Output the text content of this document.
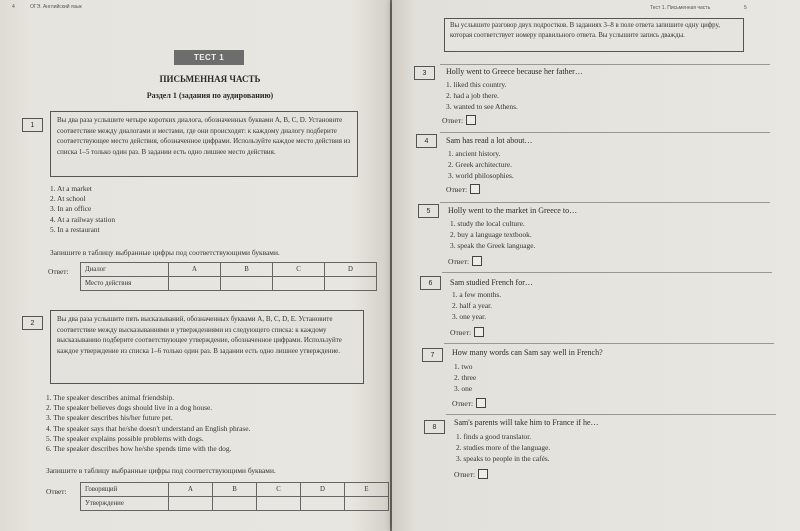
4	ОГЭ. Английский язык
ТЕСТ 1
ПИСЬМЕННАЯ ЧАСТЬ
Раздел 1 (задания по аудированию)
1
Вы два раза услышите четыре коротких диалога, обозначенных буквами A, B, C, D. Установите соответствие между диалогами и местами, где они происходят: к каждому диалогу подберите соответствующее место действия, обозначенное цифрами. Используйте каждое место действия из списка 1–5 только один раз. В задании есть одно лишнее место действия.
1. At a market
2. At school
3. In an office
4. At a railway station
5. In a restaurant
Запишите в таблицу выбранные цифры под соответствующими буквами.
Ответ: Диалог	A	B	C	D
Место действия				
2	Вы два раза услышите пять высказываний, обозначенных буквами A, B, C, D, E. Установите соответствие между высказываниями и утверждениями из следующего списка: к каждому высказыванию подберите соответствующее утверждение, обозначенное цифрами. Используйте каждое утверждение из списка 1–6 только один раз. В задании есть одно лишнее утверждение.
1. The speaker describes animal friendship.
2. The speaker believes dogs should live in a dog house.
3. The speaker describes his/her future pet.
4. The speaker says that he/she doesn't understand an English phrase.
5. The speaker explains possible problems with dogs.
6. The speaker describes how he/she spends time with the dog.
Запишите в таблицу выбранные цифры под соответствующими буквами.
Ответ:	Говорящий	A	B	C	D	E
Утверждение					
Тест 1. Письменная часть	5
Вы услышите разговор двух подростков. В заданиях 3–8 в поле ответа запишите одну цифру, которая соответствует номеру правильного ответа. Вы услышите запись дважды.
3	Holly went to Greece because her father…
1. liked this country.
2. had a job there.
3. wanted to see Athens.
Ответ:
4	Sam has read a lot about…
1. ancient history.
2. Greek architecture.
3. world philosophies.
Ответ:
5	Holly went to the market in Greece to…
1. study the local culture.
2. buy a language textbook.
3. speak the Greek language.
Ответ:
6	Sam studied French for…
1. a few months.
2. half a year.
3. one year.
Ответ:
7	How many words can Sam say well in French?
1. two
2. three
3. one
Ответ:
8	Sam's parents will take him to France if he…
1. finds a good translator.
2. studies more of the language.
3. speaks to people in the cafés.
Ответ:
